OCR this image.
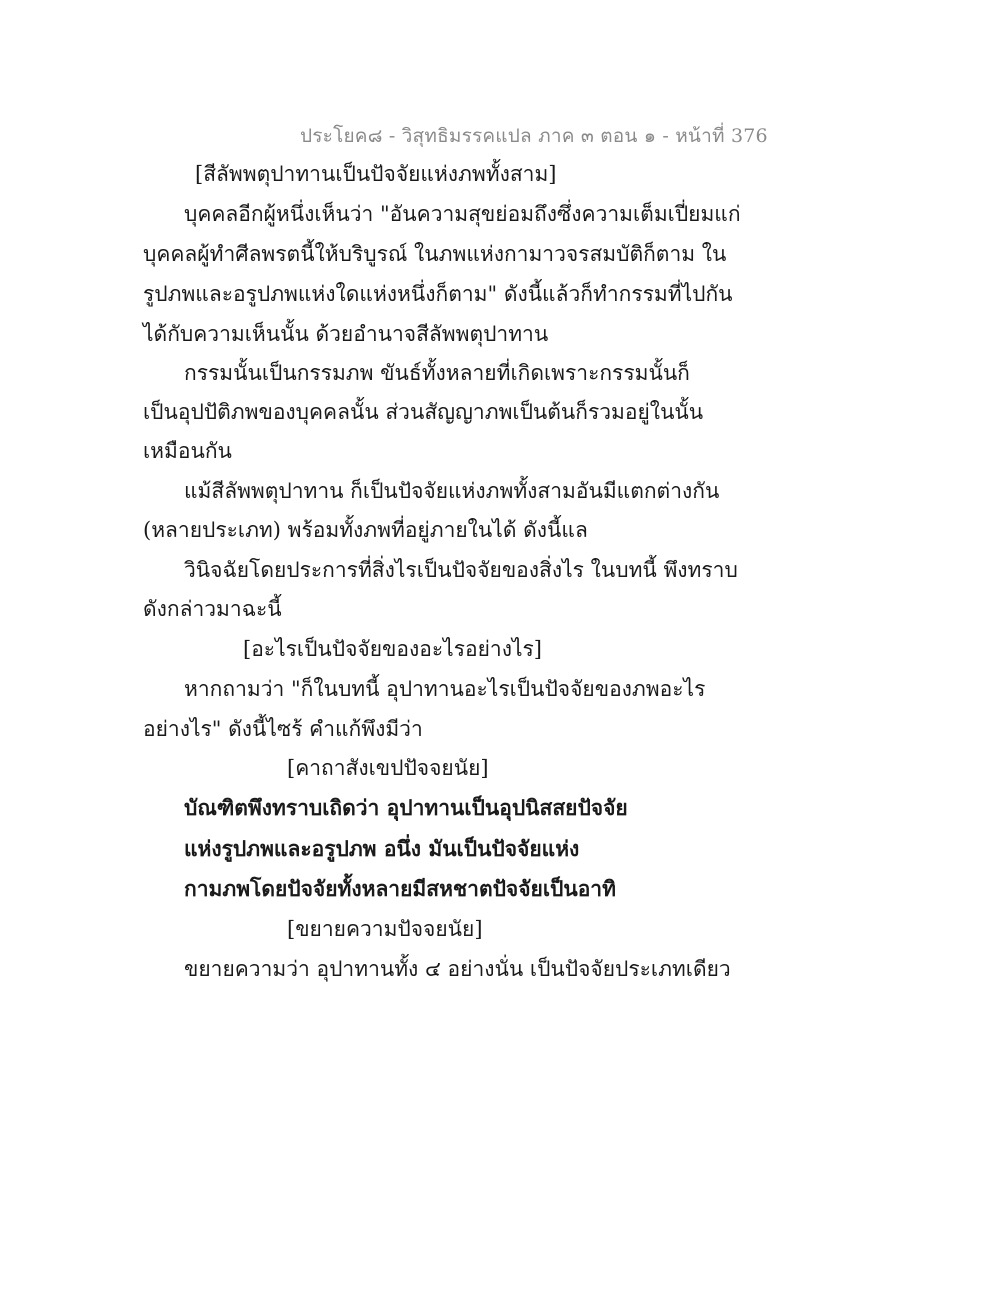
ประโยค๘ - วิสุทธิมรรคแปล ภาค ๓ ตอน ๑ - หน้าที่ 376
[สีลัพพตุปาทานเป็นปัจจัยแห่งภพทั้งสาม]
บุคคลอีกผู้หนึ่งเห็นว่า "อันความสุขย่อมถึงซึ่งความเต็มเปี่ยมแก่
บุคคลผู้ทำศีลพรตนี้ให้บริบูรณ์ ในภพแห่งกามาวจรสมบัติก็ตาม ใน
รูปภพและอรูปภพแห่งใดแห่งหนึ่งก็ตาม" ดังนี้แล้วก็ทำกรรมที่ไปกัน
ได้กับความเห็นนั้น ด้วยอำนาจสีลัพพตุปาทาน
กรรมนั้นเป็นกรรมภพ ขันธ์ทั้งหลายที่เกิดเพราะกรรมนั้นก็
เป็นอุปปัติภพของบุคคลนั้น ส่วนสัญญาภพเป็นต้นก็รวมอยู่ในนั้น
เหมือนกัน
แม้สีลัพพตุปาทาน ก็เป็นปัจจัยแห่งภพทั้งสามอันมีแตกต่างกัน
(หลายประเภท) พร้อมทั้งภพที่อยู่ภายในได้ ดังนี้แล
วินิจฉัยโดยประการที่สิ่งไรเป็นปัจจัยของสิ่งไร ในบทนี้ พึงทราบ
ดังกล่าวมาฉะนี้
[อะไรเป็นปัจจัยของอะไรอย่างไร]
หากถามว่า "ก็ในบทนี้ อุปาทานอะไรเป็นปัจจัยของภพอะไร
อย่างไร" ดังนี้ไซร้ คำแก้พึงมีว่า
[คาถาสังเขปปัจจยนัย]
บัณฑิตพึงทราบเถิดว่า อุปาทานเป็นอุปนิสสยปัจจัย
แห่งรูปภพและอรูปภพ อนึ่ง มันเป็นปัจจัยแห่ง
กามภพโดยปัจจัยทั้งหลายมีสหชาตปัจจัยเป็นอาทิ
[ขยายความปัจจยนัย]
ขยายความว่า อุปาทานทั้ง ๔ อย่างนั่น เป็นปัจจัยประเภทเดียว
